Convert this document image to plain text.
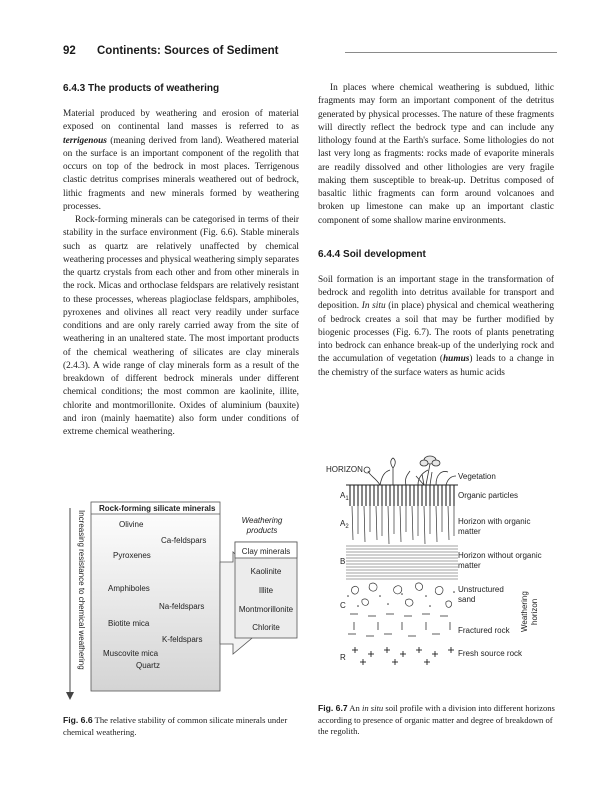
92 Continents: Sources of Sediment
6.4.3 The products of weathering

Material produced by weathering and erosion of material exposed on continental land masses is referred to as terrigenous (meaning derived from land). Weathered material on the surface is an important component of the regolith that occurs on top of the bedrock in most places. Terrigenous clastic detritus comprises minerals weathered out of bedrock, lithic fragments and new minerals formed by weathering processes.

Rock-forming minerals can be categorised in terms of their stability in the surface environment (Fig. 6.6). Stable minerals such as quartz are relatively unaffected by chemical weathering processes and physical weathering simply separates the quartz crystals from each other and from other minerals in the rock. Micas and orthoclase feldspars are relatively resistant to these processes, whereas plagioclase feldspars, amphiboles, pyroxenes and olivines all react very readily under surface conditions and are only rarely carried away from the site of weathering in an unaltered state. The most important products of the chemical weathering of silicates are clay minerals (2.4.3). A wide range of clay minerals form as a result of the breakdown of different bedrock minerals under different chemical conditions; the most common are kaolinite, illite, chlorite and montmorillonite. Oxides of aluminium (bauxite) and iron (mainly haematite) also form under conditions of extreme chemical weathering.

In places where chemical weathering is subdued, lithic fragments may form an important component of the detritus generated by physical processes. The nature of these fragments will directly reflect the bedrock type and can include any lithology found at the Earth's surface. Some lithologies do not last very long as fragments: rocks made of evaporite minerals are readily dissolved and other lithologies are very fragile making them susceptible to break-up. Detritus composed of basaltic lithic fragments can form around volcanoes and broken up limestone can make up an important clastic component of some shallow marine environments.

6.4.4 Soil development

Soil formation is an important stage in the transformation of bedrock and regolith into detritus available for transport and deposition. In situ (in place) physical and chemical weathering of bedrock creates a soil that may be further modified by biogenic processes (Fig. 6.7). The roots of plants penetrating into bedrock can enhance break-up of the underlying rock and the accumulation of vegetation (humus) leads to a change in the chemistry of the surface waters as humic acids

Increasing resistance to chemical weathering
Rock-forming silicate minerals
Olivine
Ca-feldspars
Pyroxenes
Amphiboles
Na-feldspars
Biotite mica
K-feldspars
Muscovite mica
Quartz
Weathering
products
Clay minerals
Kaolinite
Illite
Montmorillonite
Chlorite
Fig. 6.6 The relative stability of common silicate minerals under chemical weathering.
HORIZON
$A_1$
$A_2$
B
C
R
Vegetation
Organic particles
Horizon with organic
matter
Horizon without organic
matter
Unstructured
sand
Fractured rock
Fresh source rock
Weathering horizon
Fig. 6.7 An in situ soil profile with a division into different horizons according to presence of organic matter and degree of breakdown of the regolith.
